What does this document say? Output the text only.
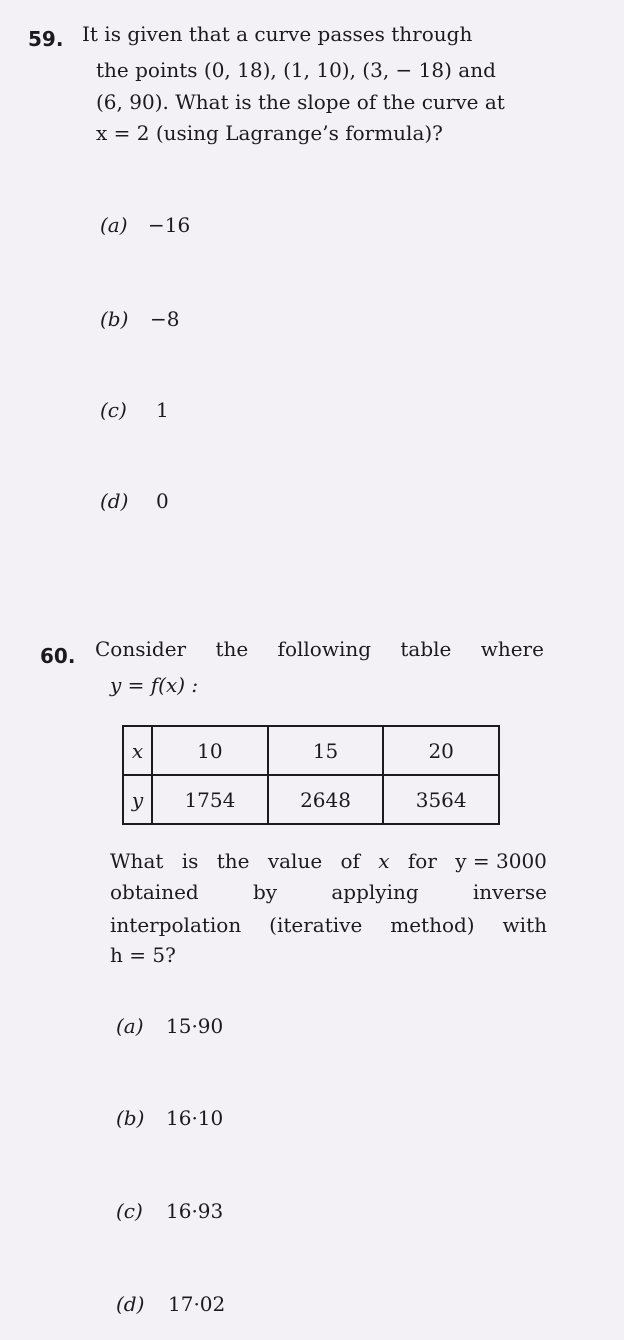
59. It is given that a curve passes through
the points (0, 18), (1, 10), (3, − 18) and
(6, 90). What is the slope of the curve at
x = 2 (using Lagrange’s formula)?
(a) −16
(b) −8
(c) 1
(d) 0
60. Consider the following table where
y = f(x) :
x	10	15	20
y	1754	2648	3564
What is the value of x for y = 3000
obtained	by	applying	inverse
interpolation (iterative method) with
h = 5?
(a) 15·90
(b) 16·10
(c) 16·93
(d) 17·02
